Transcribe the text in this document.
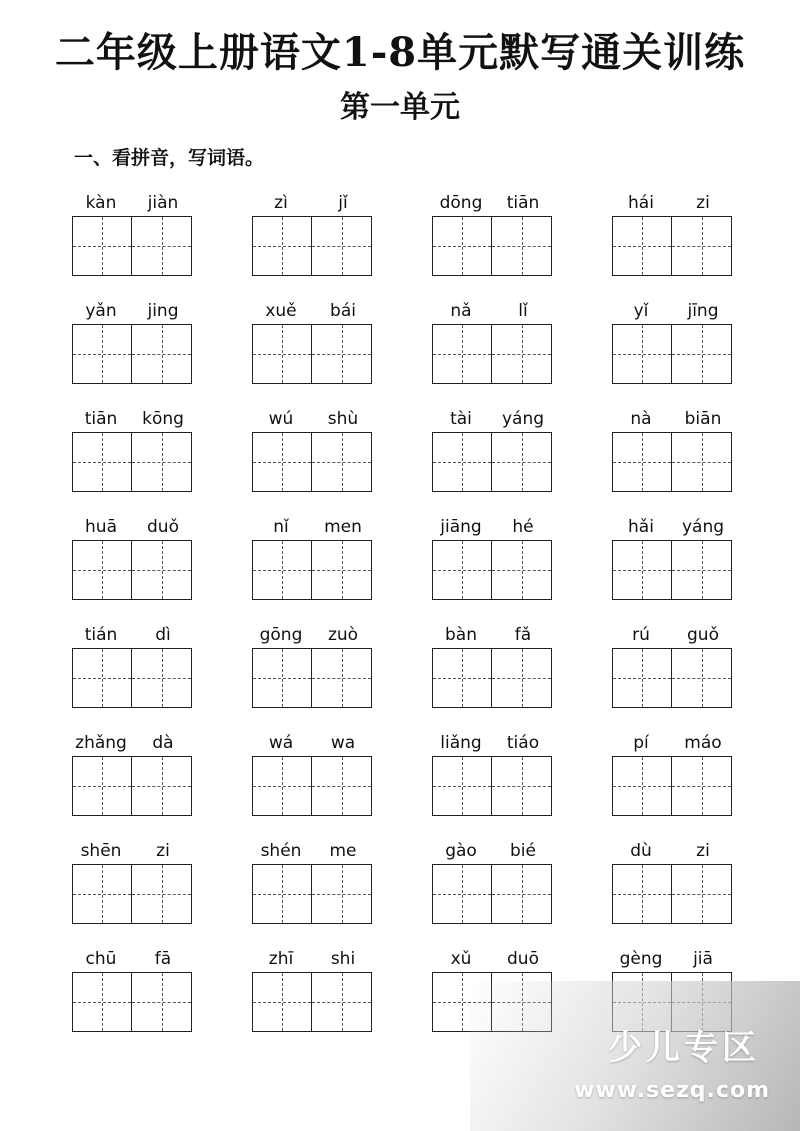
二年级上册语文1-8单元默写通关训练
第一单元
一、看拼音，写词语。
kàn	jiàn	zì	jǐ	dōng	tiān	hái	zi
yǎn	jing	xuě	bái	nǎ	lǐ	yǐ	jīng
tiān	kōng	wú	shù	tài	yáng	nà	biān
huā	duǒ	nǐ	men	jiāng	hé	hǎi	yáng
tián	dì	gōng	zuò	bàn	fǎ	rú	guǒ
zhǎng	dà	wá	wa	liǎng	tiáo	pí	máo
shēn	zi	shén	me	gào	bié	dù	zi
chū	fā	zhī	shi	xǔ	duō	gèng	jiā
少儿专区
www.sezq.com
